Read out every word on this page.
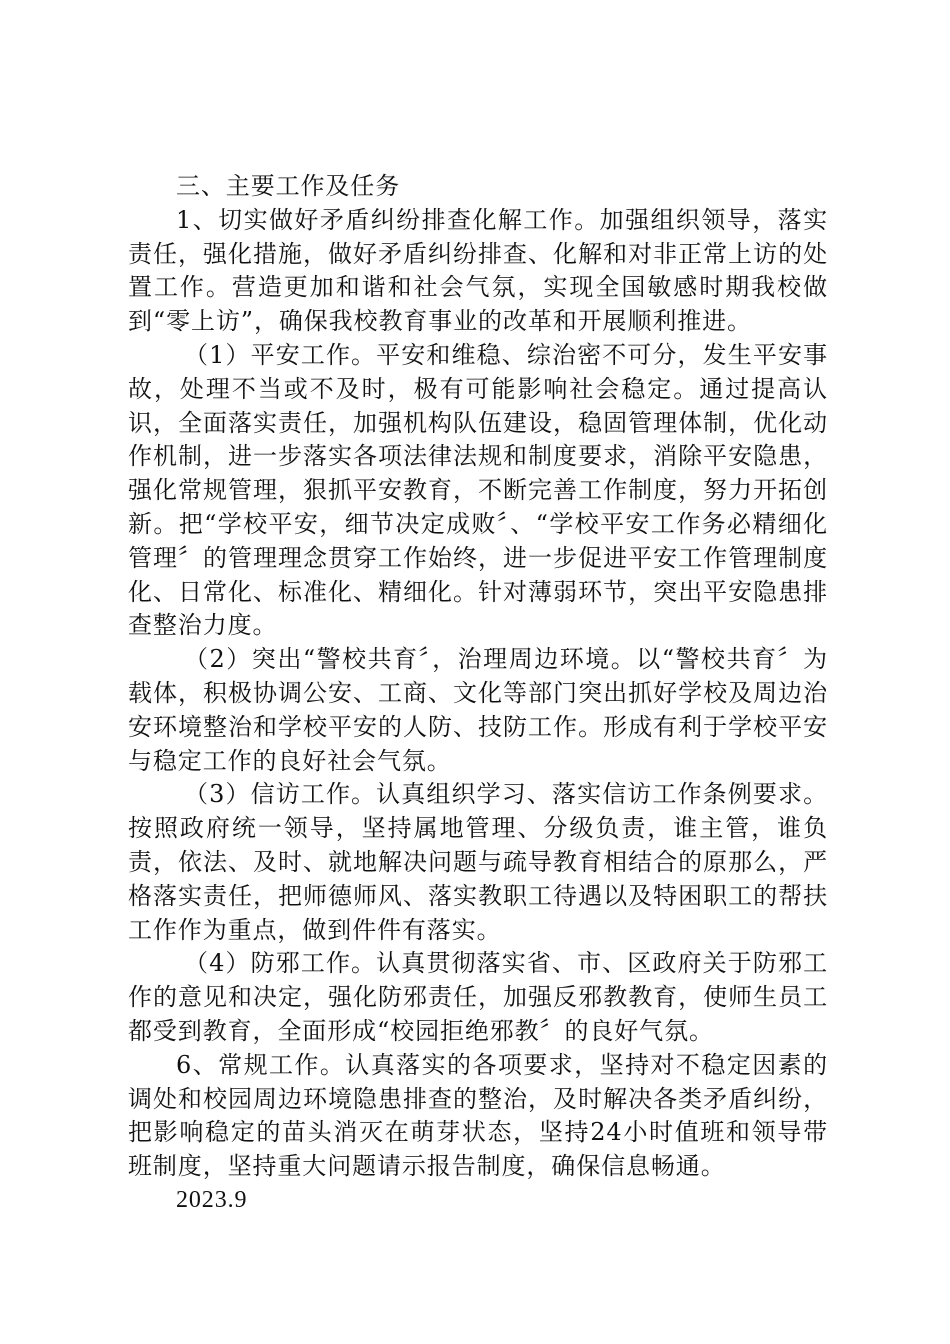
三、主要工作及任务

1、切实做好矛盾纠纷排查化解工作。加强组织领导，落实责任，强化措施，做好矛盾纠纷排查、化解和对非正常上访的处置工作。营造更加和谐和社会气氛，实现全国敏感时期我校做到“零上访”，确保我校教育事业的改革和开展顺利推进。

（1）平安工作。平安和维稳、综治密不可分，发生平安事故，处理不当或不及时，极有可能影响社会稳定。通过提高认识，全面落实责任，加强机构队伍建设，稳固管理体制，优化动作机制，进一步落实各项法律法规和制度要求，消除平安隐患，强化常规管理，狠抓平安教育，不断完善工作制度，努力开拓创新。把“学校平安，细节决定成败〞、“学校平安工作务必精细化管理〞的管理理念贯穿工作始终，进一步促进平安工作管理制度化、日常化、标准化、精细化。针对薄弱环节，突出平安隐患排查整治力度。

（2）突出“警校共育〞，治理周边环境。以“警校共育〞为载体，积极协调公安、工商、文化等部门突出抓好学校及周边治安环境整治和学校平安的人防、技防工作。形成有利于学校平安与稳定工作的良好社会气氛。

（3）信访工作。认真组织学习、落实信访工作条例要求。按照政府统一领导，坚持属地管理、分级负责，谁主管，谁负责，依法、及时、就地解决问题与疏导教育相结合的原那么，严格落实责任，把师德师风、落实教职工待遇以及特困职工的帮扶工作作为重点，做到件件有落实。

（4）防邪工作。认真贯彻落实省、市、区政府关于防邪工作的意见和决定，强化防邪责任，加强反邪教教育，使师生员工都受到教育，全面形成“校园拒绝邪教〞的良好气氛。

6、常规工作。认真落实的各项要求，坚持对不稳定因素的调处和校园周边环境隐患排查的整治，及时解决各类矛盾纠纷，把影响稳定的苗头消灭在萌芽状态，坚持24小时值班和领导带班制度，坚持重大问题请示报告制度，确保信息畅通。

2023.9
